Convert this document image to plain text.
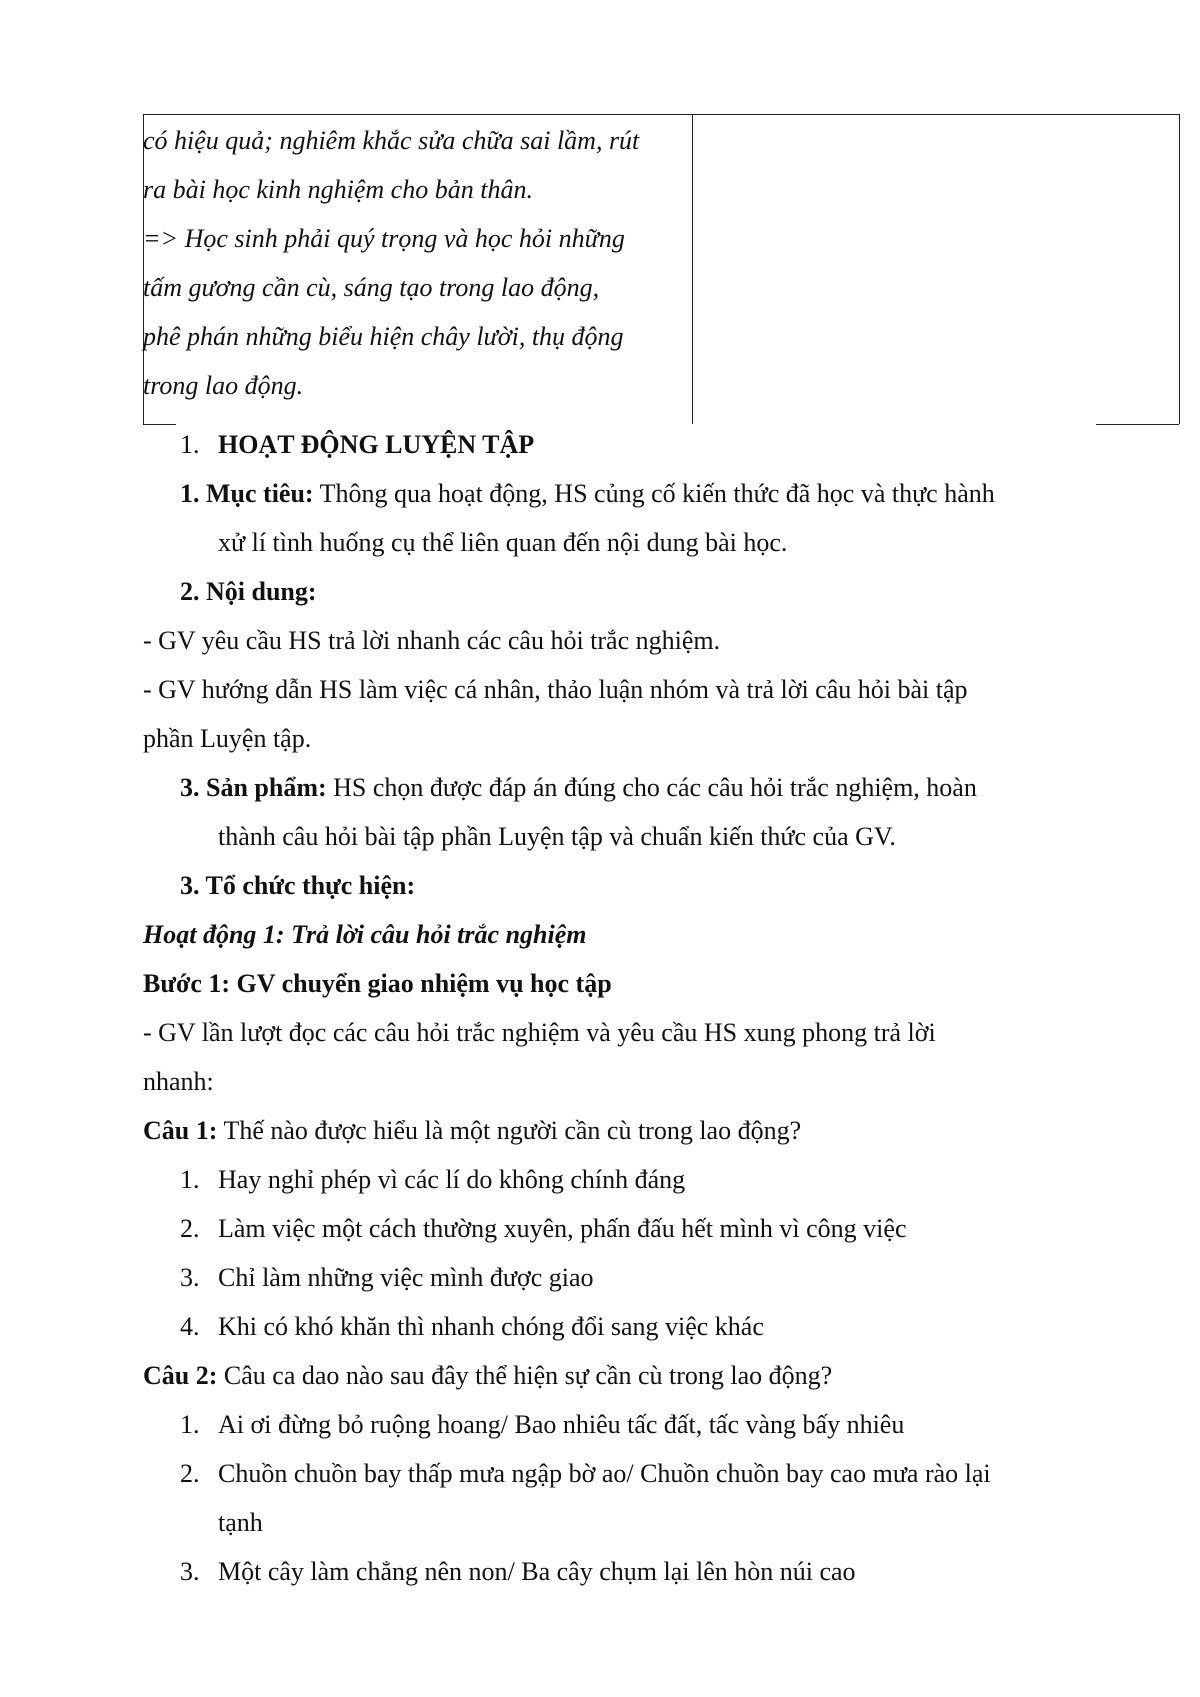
có hiệu quả; nghiêm khắc sửa chữa sai lầm, rút
ra bài học kinh nghiệm cho bản thân.
=> Học sinh phải quý trọng và học hỏi những
tấm gương cần cù, sáng tạo trong lao động,
phê phán những biểu hiện chây lười, thụ động
trong lao động.
1. HOẠT ĐỘNG LUYỆN TẬP
1. Mục tiêu: Thông qua hoạt động, HS củng cố kiến thức đã học và thực hành
xử lí tình huống cụ thể liên quan đến nội dung bài học.
2. Nội dung:
- GV yêu cầu HS trả lời nhanh các câu hỏi trắc nghiệm.
- GV hướng dẫn HS làm việc cá nhân, thảo luận nhóm và trả lời câu hỏi bài tập
phần Luyện tập.
3. Sản phẩm: HS chọn được đáp án đúng cho các câu hỏi trắc nghiệm, hoàn
thành câu hỏi bài tập phần Luyện tập và chuẩn kiến thức của GV.
3. Tổ chức thực hiện:
Hoạt động 1: Trả lời câu hỏi trắc nghiệm
Bước 1: GV chuyển giao nhiệm vụ học tập
- GV lần lượt đọc các câu hỏi trắc nghiệm và yêu cầu HS xung phong trả lời
nhanh:
Câu 1: Thế nào được hiểu là một người cần cù trong lao động?
1. Hay nghỉ phép vì các lí do không chính đáng
2. Làm việc một cách thường xuyên, phấn đấu hết mình vì công việc
3. Chỉ làm những việc mình được giao
4. Khi có khó khăn thì nhanh chóng đổi sang việc khác
Câu 2: Câu ca dao nào sau đây thể hiện sự cần cù trong lao động?
1. Ai ơi đừng bỏ ruộng hoang/ Bao nhiêu tấc đất, tấc vàng bấy nhiêu
2. Chuồn chuồn bay thấp mưa ngập bờ ao/ Chuồn chuồn bay cao mưa rào lại
tạnh
3. Một cây làm chẳng nên non/ Ba cây chụm lại lên hòn núi cao
